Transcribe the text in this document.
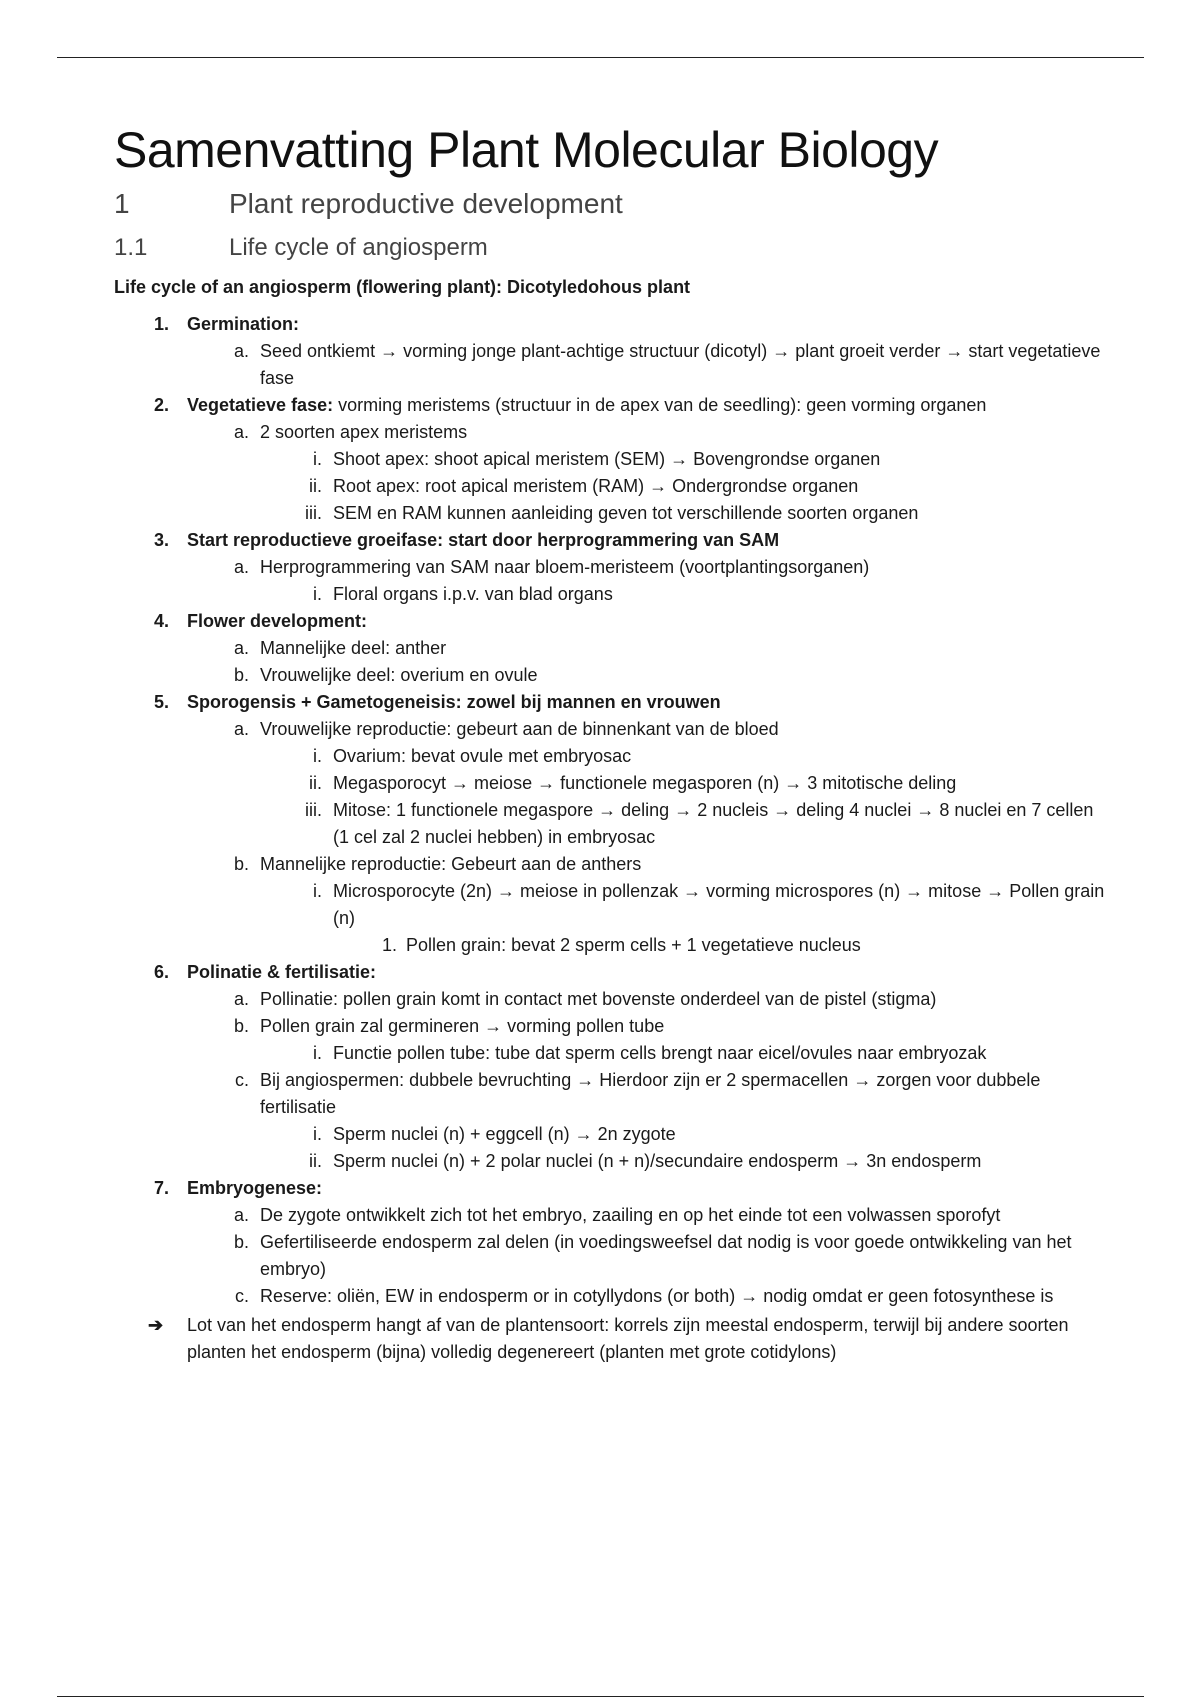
Samenvatting Plant Molecular Biology
1	Plant reproductive development
1.1	Life cycle of angiosperm
Life cycle of an angiosperm (flowering plant): Dicotyledohous plant
1. Germination:
a. Seed ontkiemt → vorming jonge plant-achtige structuur (dicotyl) → plant groeit verder → start vegetatieve fase
2. Vegetatieve fase: vorming meristems (structuur in de apex van de seedling): geen vorming organen
a. 2 soorten apex meristems
i. Shoot apex: shoot apical meristem (SEM) → Bovengrondse organen
ii. Root apex: root apical meristem (RAM) → Ondergrondse organen
iii. SEM en RAM kunnen aanleiding geven tot verschillende soorten organen
3. Start reproductieve groeifase: start door herprogrammering van SAM
a. Herprogrammering van SAM naar bloem-meristeem (voortplantingsorganen)
i. Floral organs i.p.v. van blad organs
4. Flower development:
a. Mannelijke deel: anther
b. Vrouwelijke deel: overium en ovule
5. Sporogensis + Gametogeneisis: zowel bij mannen en vrouwen
a. Vrouwelijke reproductie: gebeurt aan de binnenkant van de bloed
i. Ovarium: bevat ovule met embryosac
ii. Megasporocyt → meiose → functionele megasporen (n) → 3 mitotische deling
iii. Mitose: 1 functionele megaspore → deling → 2 nucleis → deling 4 nuclei → 8 nuclei en 7 cellen (1 cel zal 2 nuclei hebben) in embryosac
b. Mannelijke reproductie: Gebeurt aan de anthers
i. Microsporocyte (2n) → meiose in pollenzak → vorming microspores (n) → mitose → Pollen grain (n)
1. Pollen grain: bevat 2 sperm cells + 1 vegetatieve nucleus
6. Polinatie & fertilisatie:
a. Pollinatie: pollen grain komt in contact met bovenste onderdeel van de pistel (stigma)
b. Pollen grain zal germineren → vorming pollen tube
i. Functie pollen tube: tube dat sperm cells brengt naar eicel/ovules naar embryozak
c. Bij angiospermen: dubbele bevruchting → Hierdoor zijn er 2 spermacellen → zorgen voor dubbele fertilisatie
i. Sperm nuclei (n) + eggcell (n) → 2n zygote
ii. Sperm nuclei (n) + 2 polar nuclei (n + n)/secundaire endosperm → 3n endosperm
7. Embryogenese:
a. De zygote ontwikkelt zich tot het embryo, zaailing en op het einde tot een volwassen sporofyt
b. Gefertiliseerde endosperm zal delen (in voedingsweefsel dat nodig is voor goede ontwikkeling van het embryo)
c. Reserve: oliën, EW in endosperm or in cotyllydons (or both) → nodig omdat er geen fotosynthese is
➔ Lot van het endosperm hangt af van de plantensoort: korrels zijn meestal endosperm, terwijl bij andere soorten planten het endosperm (bijna) volledig degenereert (planten met grote cotidylons)
